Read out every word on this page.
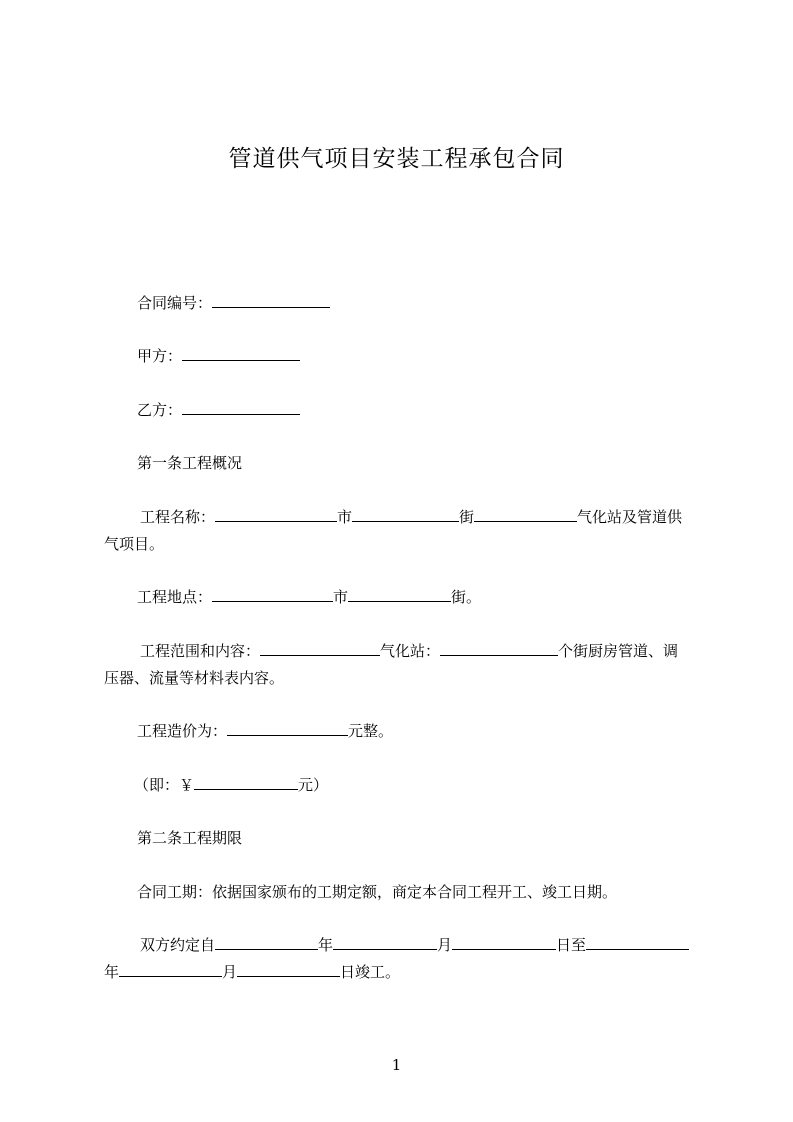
管道供气项目安装工程承包合同
合同编号：
甲方：
乙方：
第一条工程概况
工程名称：	市	街	气化站及管道供
气项目。
工程地点：	市	街。
工程范围和内容：	气化站：	个街厨房管道、调
压器、流量等材料表内容。
工程造价为：	元整。
（即：￥	元）
第二条工程期限
合同工期：依据国家颁布的工期定额，商定本合同工程开工、竣工日期。
双方约定自	年	月	日至
年	月	日竣工。
1
